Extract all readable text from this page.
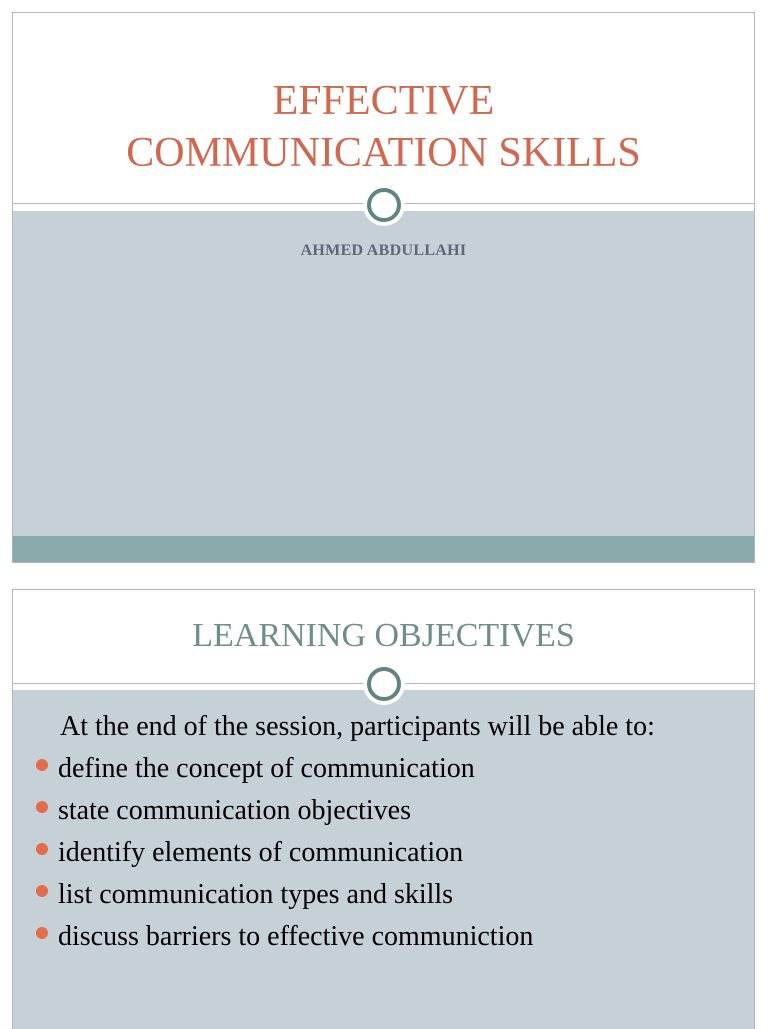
EFFECTIVE
COMMUNICATION SKILLS
AHMED ABDULLAHI
LEARNING OBJECTIVES
At the end of the session, participants will be able to:
define the concept of communication
state communication objectives
identify elements of communication
list communication types and skills
discuss barriers to effective communiction
